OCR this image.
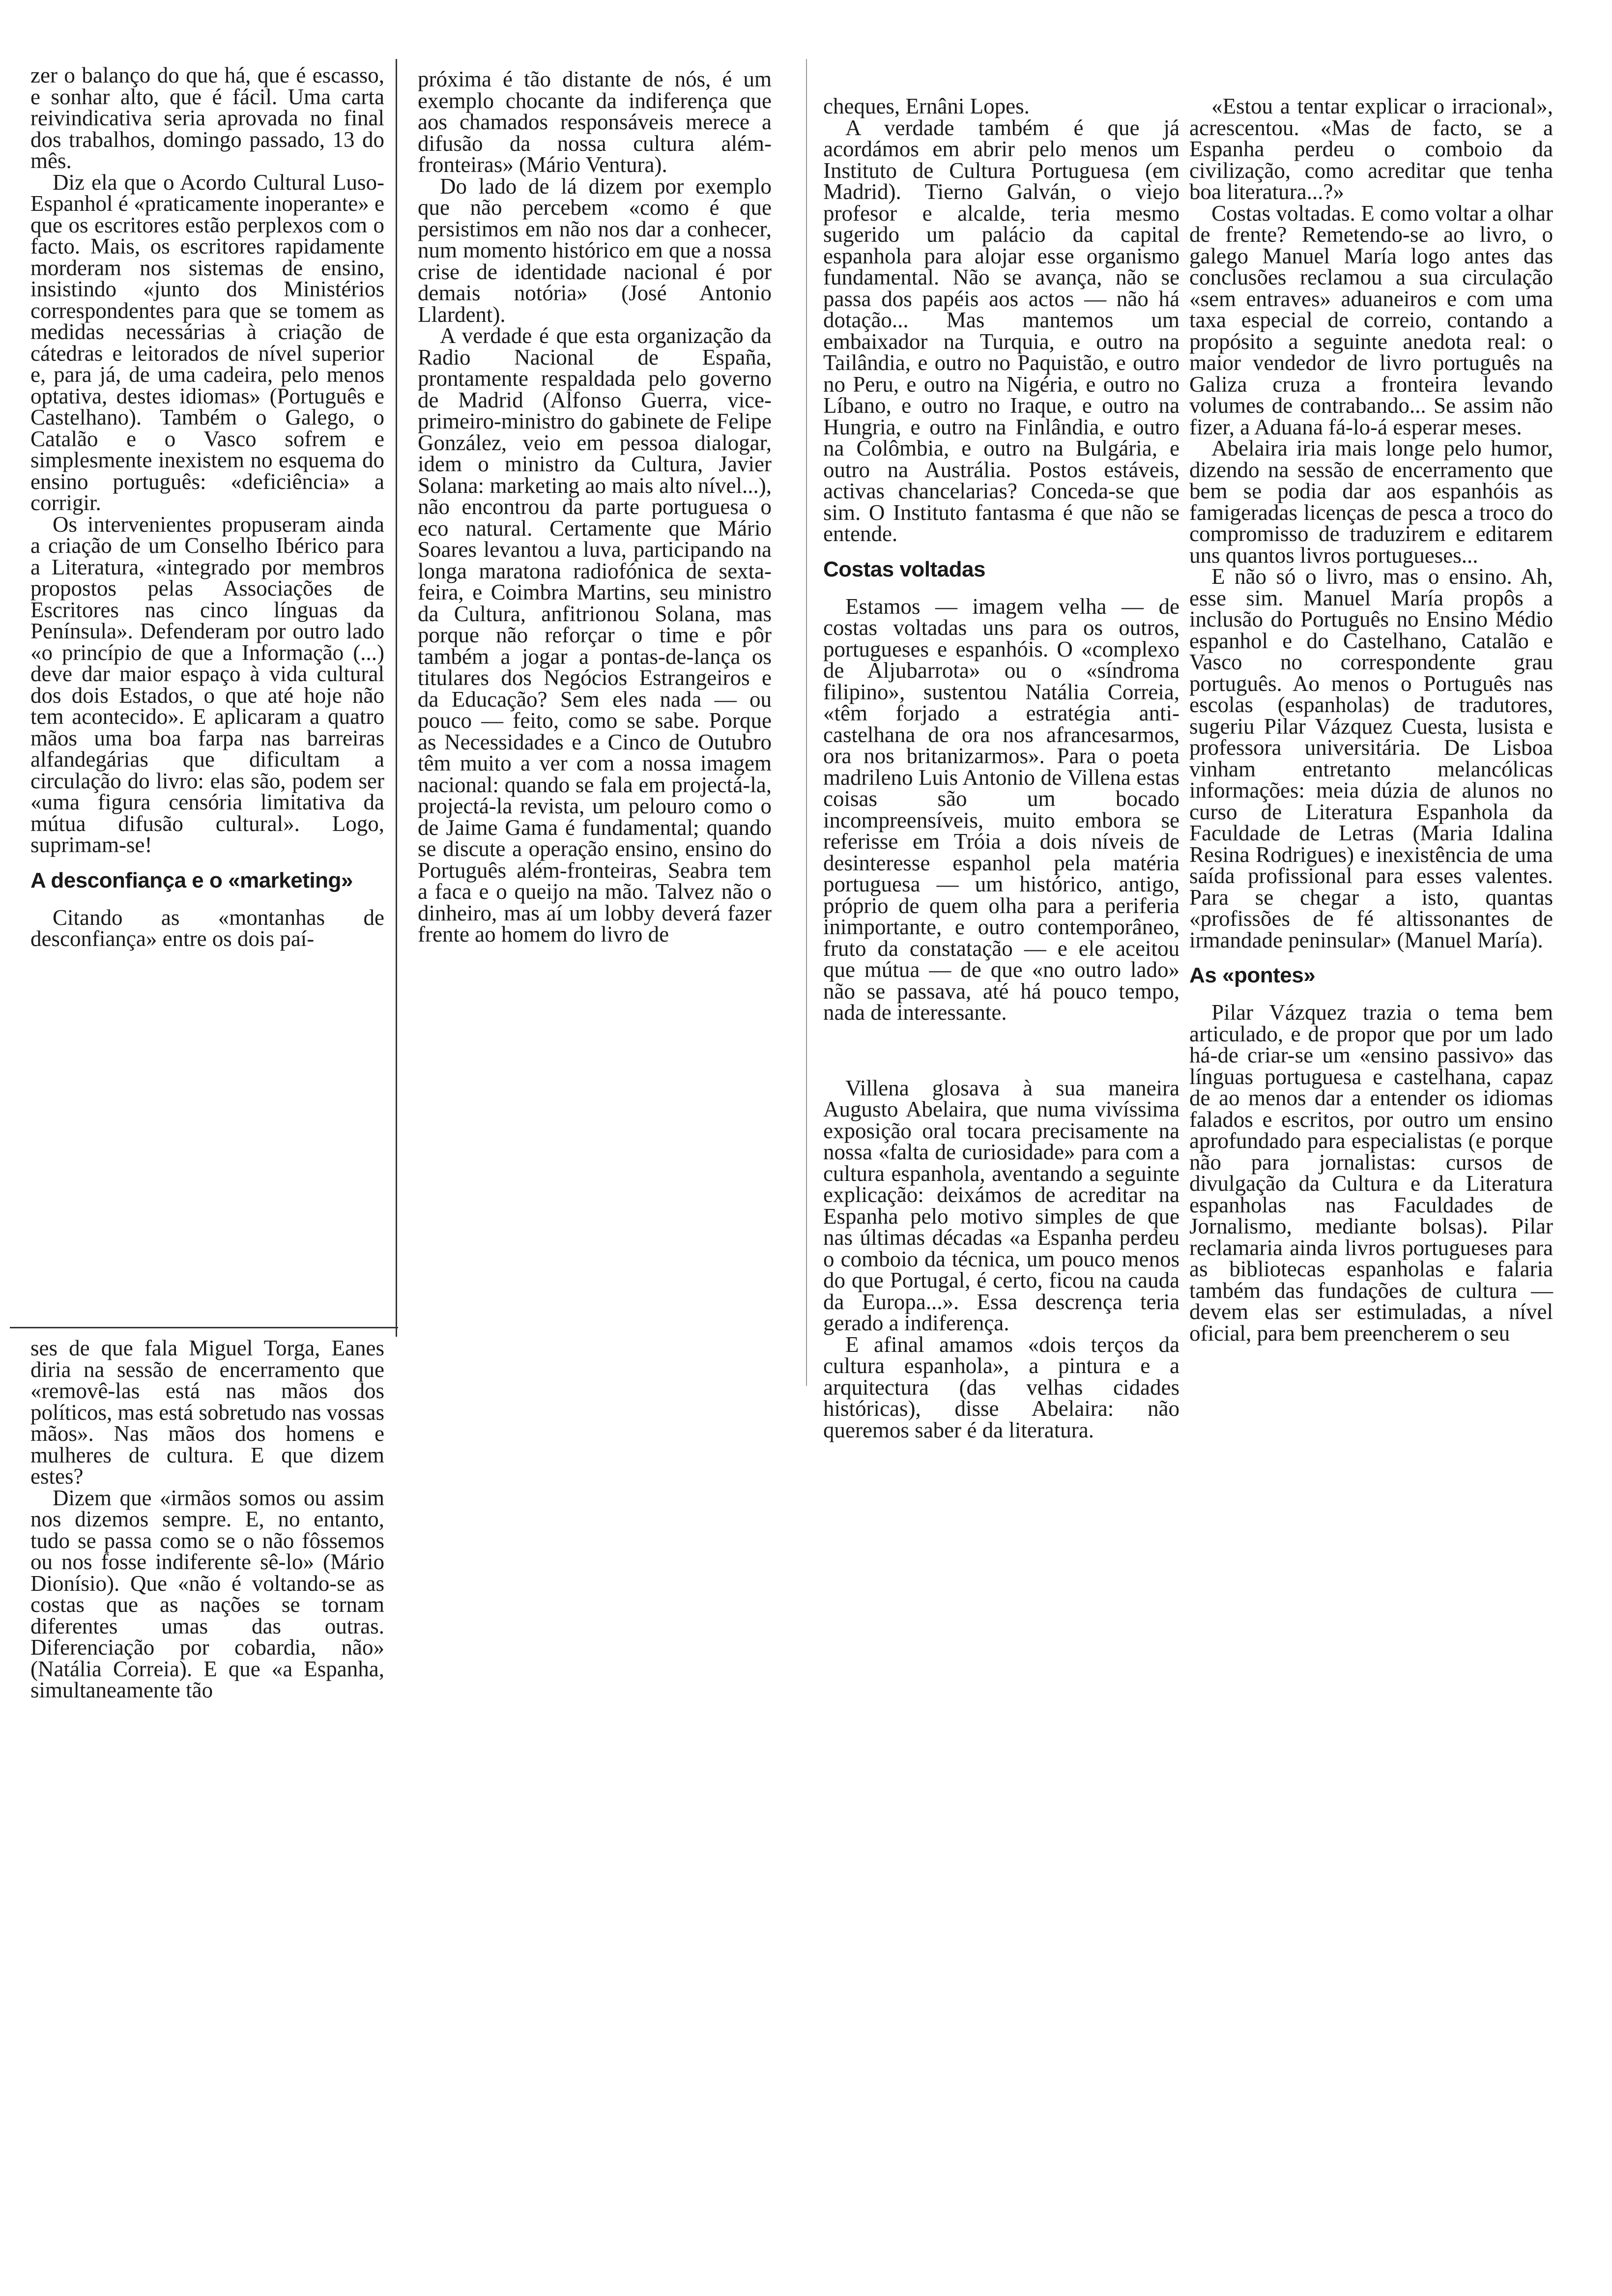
zer o balanço do que há, que é escasso, e sonhar alto, que é fácil. Uma carta reivindicativa seria aprovada no final dos trabalhos, domingo passado, 13 do mês.

Diz ela que o Acordo Cultural Luso-Espanhol é «praticamente inoperante» e que os escritores estão perplexos com o facto. Mais, os escritores rapidamente morderam nos sistemas de ensino, insistindo «junto dos Ministérios correspondentes para que se tomem as medidas necessárias à criação de cátedras e leitorados de nível superior e, para já, de uma cadeira, pelo menos optativa, destes idiomas» (Português e Castelhano). Também o Galego, o Catalão e o Vasco sofrem e simplesmente inexistem no esquema do ensino português: «deficiência» a corrigir.

Os intervenientes propuseram ainda a criação de um Conselho Ibérico para a Literatura, «integrado por membros propostos pelas Associações de Escritores nas cinco línguas da Península». Defenderam por outro lado «o princípio de que a Informação (...) deve dar maior espaço à vida cultural dos dois Estados, o que até hoje não tem acontecido». E aplicaram a quatro mãos uma boa farpa nas barreiras alfandegárias que dificultam a circulação do livro: elas são, podem ser «uma figura censória limitativa da mútua difusão cultural». Logo, suprimam-se!

A desconfiança e o «marketing»

Citando as «montanhas de desconfiança» entre os dois paí-

ses de que fala Miguel Torga, Eanes diria na sessão de encerramento que «removê-las está nas mãos dos políticos, mas está sobretudo nas vossas mãos». Nas mãos dos homens e mulheres de cultura. E que dizem estes?

Dizem que «irmãos somos ou assim nos dizemos sempre. E, no entanto, tudo se passa como se o não fôssemos ou nos fosse indiferente sê-lo» (Mário Dionísio). Que «não é voltando-se as costas que as nações se tornam diferentes umas das outras. Diferenciação por cobardia, não» (Natália Correia). E que «a Espanha, simultaneamente tão

próxima é tão distante de nós, é um exemplo chocante da indiferença que aos chamados responsáveis merece a difusão da nossa cultura além-fronteiras» (Mário Ventura).

Do lado de lá dizem por exemplo que não percebem «como é que persistimos em não nos dar a conhecer, num momento histórico em que a nossa crise de identidade nacional é por demais notória» (José Antonio Llardent).

A verdade é que esta organização da Radio Nacional de España, prontamente respaldada pelo governo de Madrid (Alfonso Guerra, vice-primeiro-ministro do gabinete de Felipe González, veio em pessoa dialogar, idem o ministro da Cultura, Javier Solana: marketing ao mais alto nível...), não encontrou da parte portuguesa o eco natural. Certamente que Mário Soares levantou a luva, participando na longa maratona radiofónica de sexta-feira, e Coimbra Martins, seu ministro da Cultura, anfitrionou Solana, mas porque não reforçar o time e pôr também a jogar a pontas-de-lança os titulares dos Negócios Estrangeiros e da Educação? Sem eles nada — ou pouco — feito, como se sabe. Porque as Necessidades e a Cinco de Outubro têm muito a ver com a nossa imagem nacional: quando se fala em projectá-la, projectá-la revista, um pelouro como o de Jaime Gama é fundamental; quando se discute a operação ensino, ensino do Português além-fronteiras, Seabra tem a faca e o queijo na mão. Talvez não o dinheiro, mas aí um lobby deverá fazer frente ao homem do livro de

cheques, Ernâni Lopes.

A verdade também é que já acordámos em abrir pelo menos um Instituto de Cultura Portuguesa (em Madrid). Tierno Galván, o viejo profesor e alcalde, teria mesmo sugerido um palácio da capital espanhola para alojar esse organismo fundamental. Não se avança, não se passa dos papéis aos actos — não há dotação... Mas mantemos um embaixador na Turquia, e outro na Tailândia, e outro no Paquistão, e outro no Peru, e outro na Nigéria, e outro no Líbano, e outro no Iraque, e outro na Hungria, e outro na Finlândia, e outro na Colômbia, e outro na Bulgária, e outro na Austrália. Postos estáveis, activas chancelarias? Conceda-se que sim. O Instituto fantasma é que não se entende.

Costas voltadas

Estamos — imagem velha — de costas voltadas uns para os outros, portugueses e espanhóis. O «complexo de Aljubarrota» ou o «síndroma filipino», sustentou Natália Correia, «têm forjado a estratégia anti-castelhana de ora nos afrancesarmos, ora nos britanizarmos». Para o poeta madrileno Luis Antonio de Villena estas coisas são um bocado incompreensíveis, muito embora se referisse em Tróia a dois níveis de desinteresse espanhol pela matéria portuguesa — um histórico, antigo, próprio de quem olha para a periferia inimportante, e outro contemporâneo, fruto da constatação — e ele aceitou que mútua — de que «no outro lado» não se passava, até há pouco tempo, nada de interessante.

Villena glosava à sua maneira Augusto Abelaira, que numa vivíssima exposição oral tocara precisamente na nossa «falta de curiosidade» para com a cultura espanhola, aventando a seguinte explicação: deixámos de acreditar na Espanha pelo motivo simples de que nas últimas décadas «a Espanha perdeu o comboio da técnica, um pouco menos do que Portugal, é certo, ficou na cauda da Europa...». Essa descrença teria gerado a indiferença.

E afinal amamos «dois terços da cultura espanhola», a pintura e a arquitectura (das velhas cidades históricas), disse Abelaira: não queremos saber é da literatura.

«Estou a tentar explicar o irracional», acrescentou. «Mas de facto, se a Espanha perdeu o comboio da civilização, como acreditar que tenha boa literatura...?»

Costas voltadas. E como voltar a olhar de frente? Remetendo-se ao livro, o galego Manuel María logo antes das conclusões reclamou a sua circulação «sem entraves» aduaneiros e com uma taxa especial de correio, contando a propósito a seguinte anedota real: o maior vendedor de livro português na Galiza cruza a fronteira levando volumes de contrabando... Se assim não fizer, a Aduana fá-lo-á esperar meses.

Abelaira iria mais longe pelo humor, dizendo na sessão de encerramento que bem se podia dar aos espanhóis as famigeradas licenças de pesca a troco do compromisso de traduzirem e editarem uns quantos livros portugueses...

E não só o livro, mas o ensino. Ah, esse sim. Manuel María propôs a inclusão do Português no Ensino Médio espanhol e do Castelhano, Catalão e Vasco no correspondente grau português. Ao menos o Português nas escolas (espanholas) de tradutores, sugeriu Pilar Vázquez Cuesta, lusista e professora universitária. De Lisboa vinham entretanto melancólicas informações: meia dúzia de alunos no curso de Literatura Espanhola da Faculdade de Letras (Maria Idalina Resina Rodrigues) e inexistência de uma saída profissional para esses valentes. Para se chegar a isto, quantas «profissões de fé altissonantes de irmandade peninsular» (Manuel María).

As «pontes»

Pilar Vázquez trazia o tema bem articulado, e de propor que por um lado há-de criar-se um «ensino passivo» das línguas portuguesa e castelhana, capaz de ao menos dar a entender os idiomas falados e escritos, por outro um ensino aprofundado para especialistas (e porque não para jornalistas: cursos de divulgação da Cultura e da Literatura espanholas nas Faculdades de Jornalismo, mediante bolsas). Pilar reclamaria ainda livros portugueses para as bibliotecas espanholas e falaria também das fundações de cultura — devem elas ser estimuladas, a nível oficial, para bem preencherem o seu
